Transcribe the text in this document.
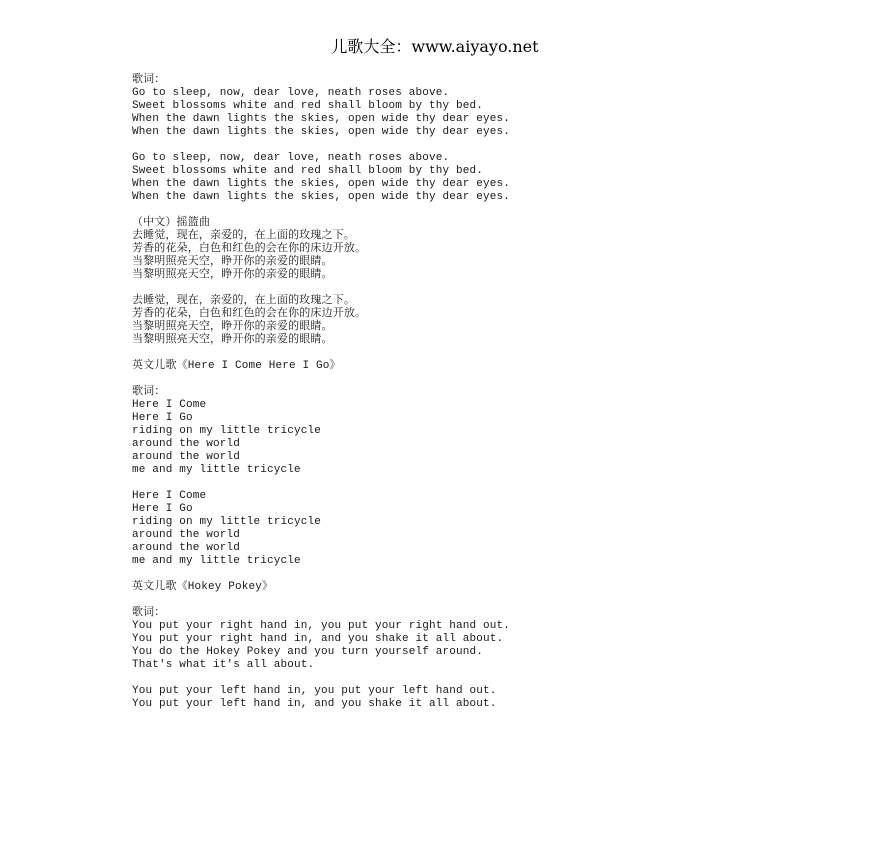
儿歌大全：www.aiyayo.net
歌词：
Go to sleep, now, dear love, neath roses above.
Sweet blossoms white and red shall bloom by thy bed.
When the dawn lights the skies, open wide thy dear eyes.
When the dawn lights the skies, open wide thy dear eyes.
Go to sleep, now, dear love, neath roses above.
Sweet blossoms white and red shall bloom by thy bed.
When the dawn lights the skies, open wide thy dear eyes.
When the dawn lights the skies, open wide thy dear eyes.
（中文）摇篮曲
去睡觉，现在，亲爱的，在上面的玫瑰之下。
芳香的花朵，白色和红色的会在你的床边开放。
当黎明照亮天空，睁开你的亲爱的眼睛。
当黎明照亮天空，睁开你的亲爱的眼睛。
去睡觉，现在，亲爱的，在上面的玫瑰之下。
芳香的花朵，白色和红色的会在你的床边开放。
当黎明照亮天空，睁开你的亲爱的眼睛。
当黎明照亮天空，睁开你的亲爱的眼睛。
英文儿歌《Here I Come Here I Go》
歌词：
Here I Come
Here I Go
riding on my little tricycle
around the world
around the world
me and my little tricycle
Here I Come
Here I Go
riding on my little tricycle
around the world
around the world
me and my little tricycle
英文儿歌《Hokey Pokey》
歌词：
You put your right hand in, you put your right hand out.
You put your right hand in, and you shake it all about.
You do the Hokey Pokey and you turn yourself around.
That's what it's all about.
You put your left hand in, you put your left hand out.
You put your left hand in, and you shake it all about.
